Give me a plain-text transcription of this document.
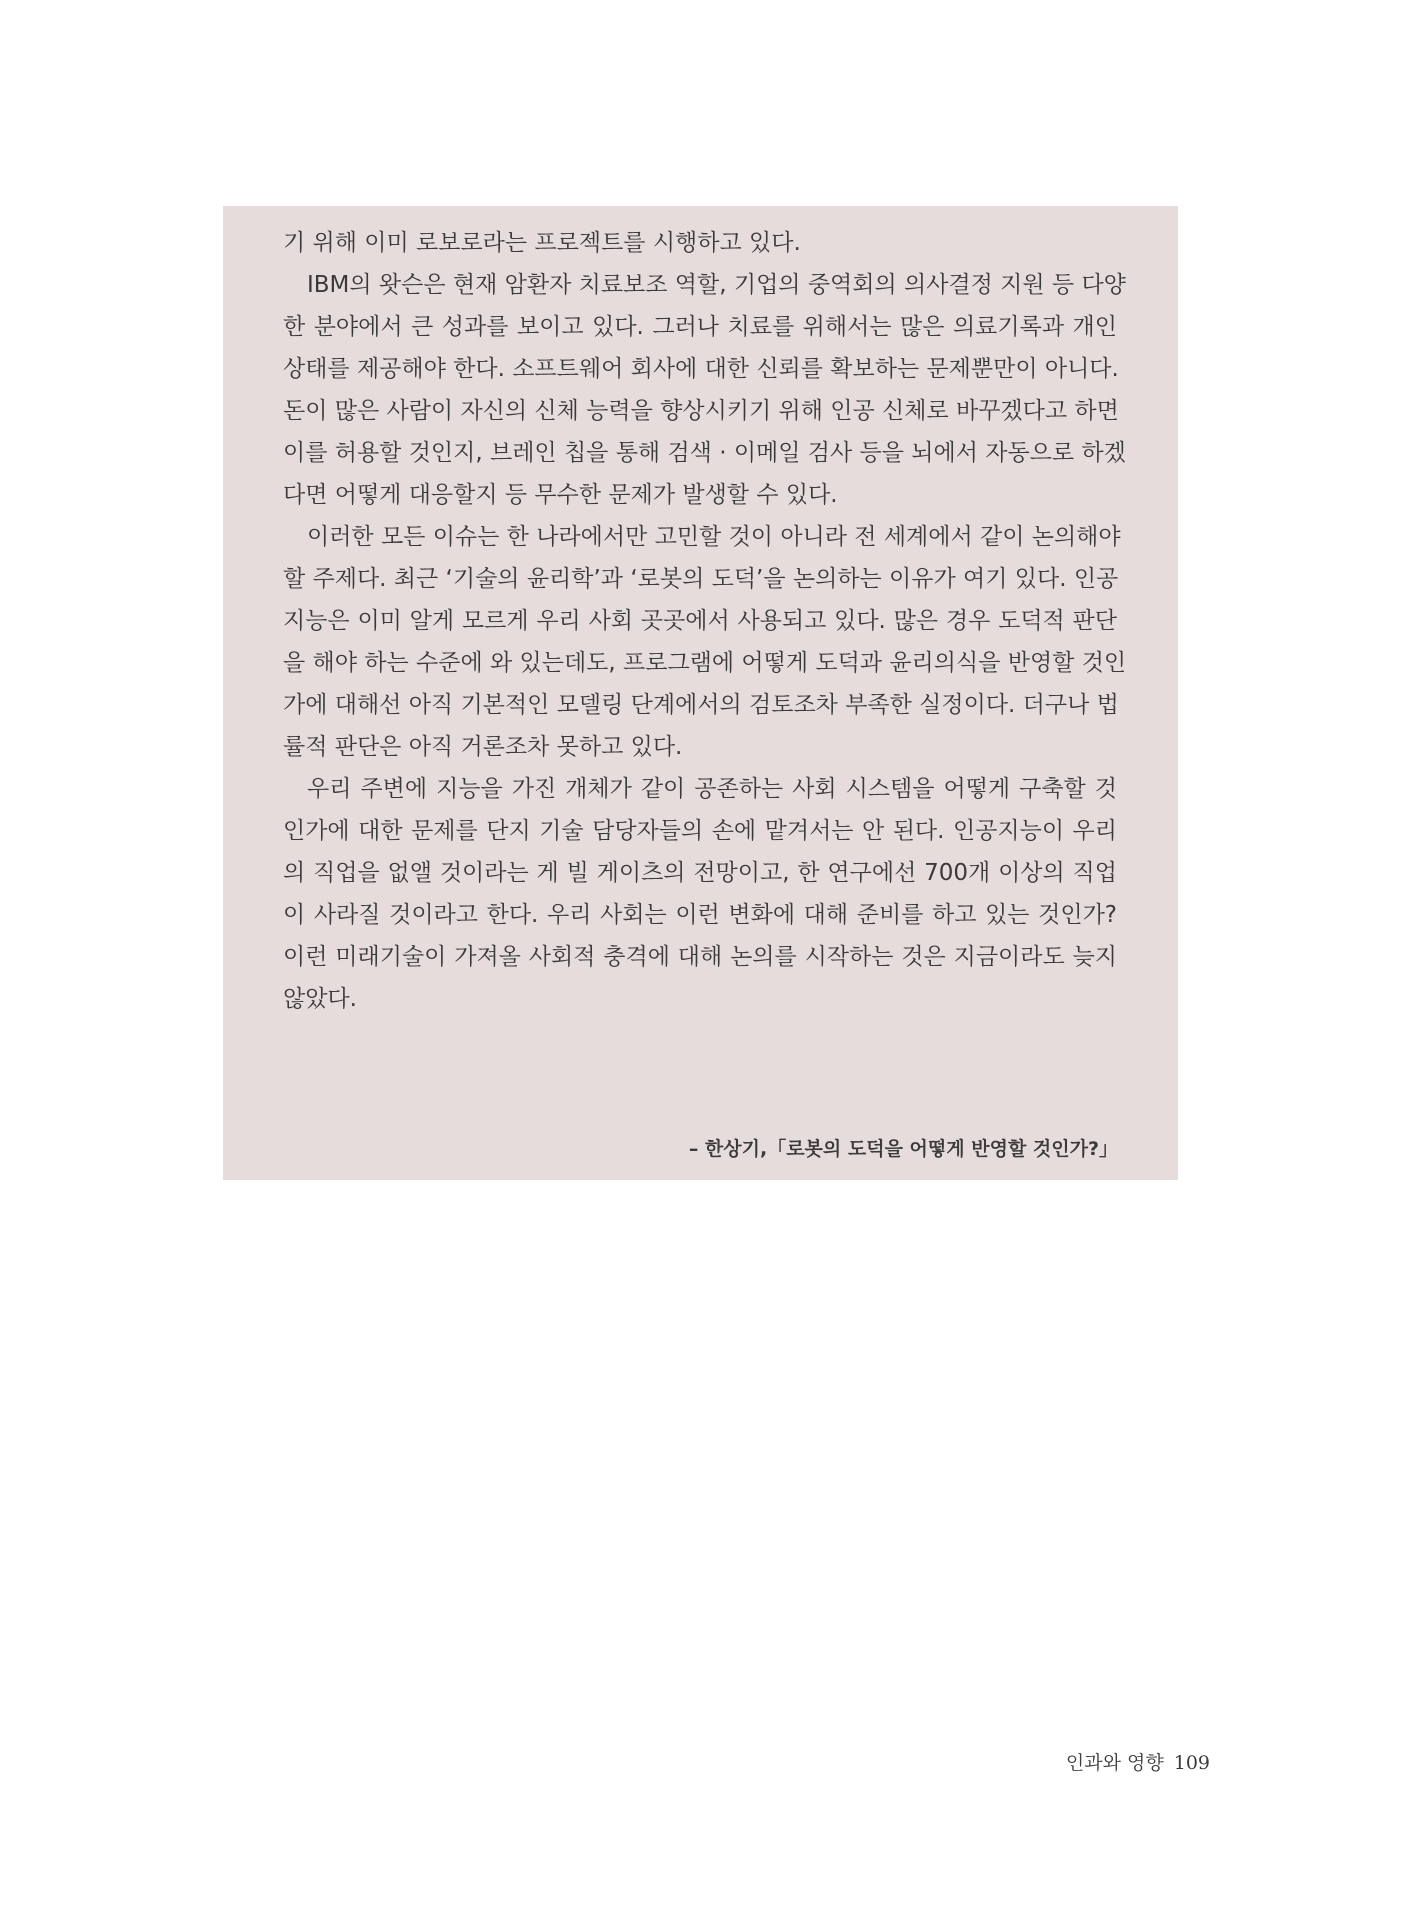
기 위해 이미 로보로라는 프로젝트를 시행하고 있다.
IBM의 왓슨은 현재 암환자 치료보조 역할, 기업의 중역회의 의사결정 지원 등 다양
한 분야에서 큰 성과를 보이고 있다. 그러나 치료를 위해서는 많은 의료기록과 개인
상태를 제공해야 한다. 소프트웨어 회사에 대한 신뢰를 확보하는 문제뿐만이 아니다.
돈이 많은 사람이 자신의 신체 능력을 향상시키기 위해 인공 신체로 바꾸겠다고 하면
이를 허용할 것인지, 브레인 칩을 통해 검색 · 이메일 검사 등을 뇌에서 자동으로 하겠
다면 어떻게 대응할지 등 무수한 문제가 발생할 수 있다.
이러한 모든 이슈는 한 나라에서만 고민할 것이 아니라 전 세계에서 같이 논의해야
할 주제다. 최근 ‘기술의 윤리학’과 ‘로봇의 도덕’을 논의하는 이유가 여기 있다. 인공
지능은 이미 알게 모르게 우리 사회 곳곳에서 사용되고 있다. 많은 경우 도덕적 판단
을 해야 하는 수준에 와 있는데도, 프로그램에 어떻게 도덕과 윤리의식을 반영할 것인
가에 대해선 아직 기본적인 모델링 단계에서의 검토조차 부족한 실정이다. 더구나 법
률적 판단은 아직 거론조차 못하고 있다.
우리 주변에 지능을 가진 개체가 같이 공존하는 사회 시스템을 어떻게 구축할 것
인가에 대한 문제를 단지 기술 담당자들의 손에 맡겨서는 안 된다. 인공지능이 우리
의 직업을 없앨 것이라는 게 빌 게이츠의 전망이고, 한 연구에선 700개 이상의 직업
이 사라질 것이라고 한다. 우리 사회는 이런 변화에 대해 준비를 하고 있는 것인가?
이런 미래기술이 가져올 사회적 충격에 대해 논의를 시작하는 것은 지금이라도 늦지
않았다.
– 한상기,「로봇의 도덕을 어떻게 반영할 것인가?」
인과와 영향 109
